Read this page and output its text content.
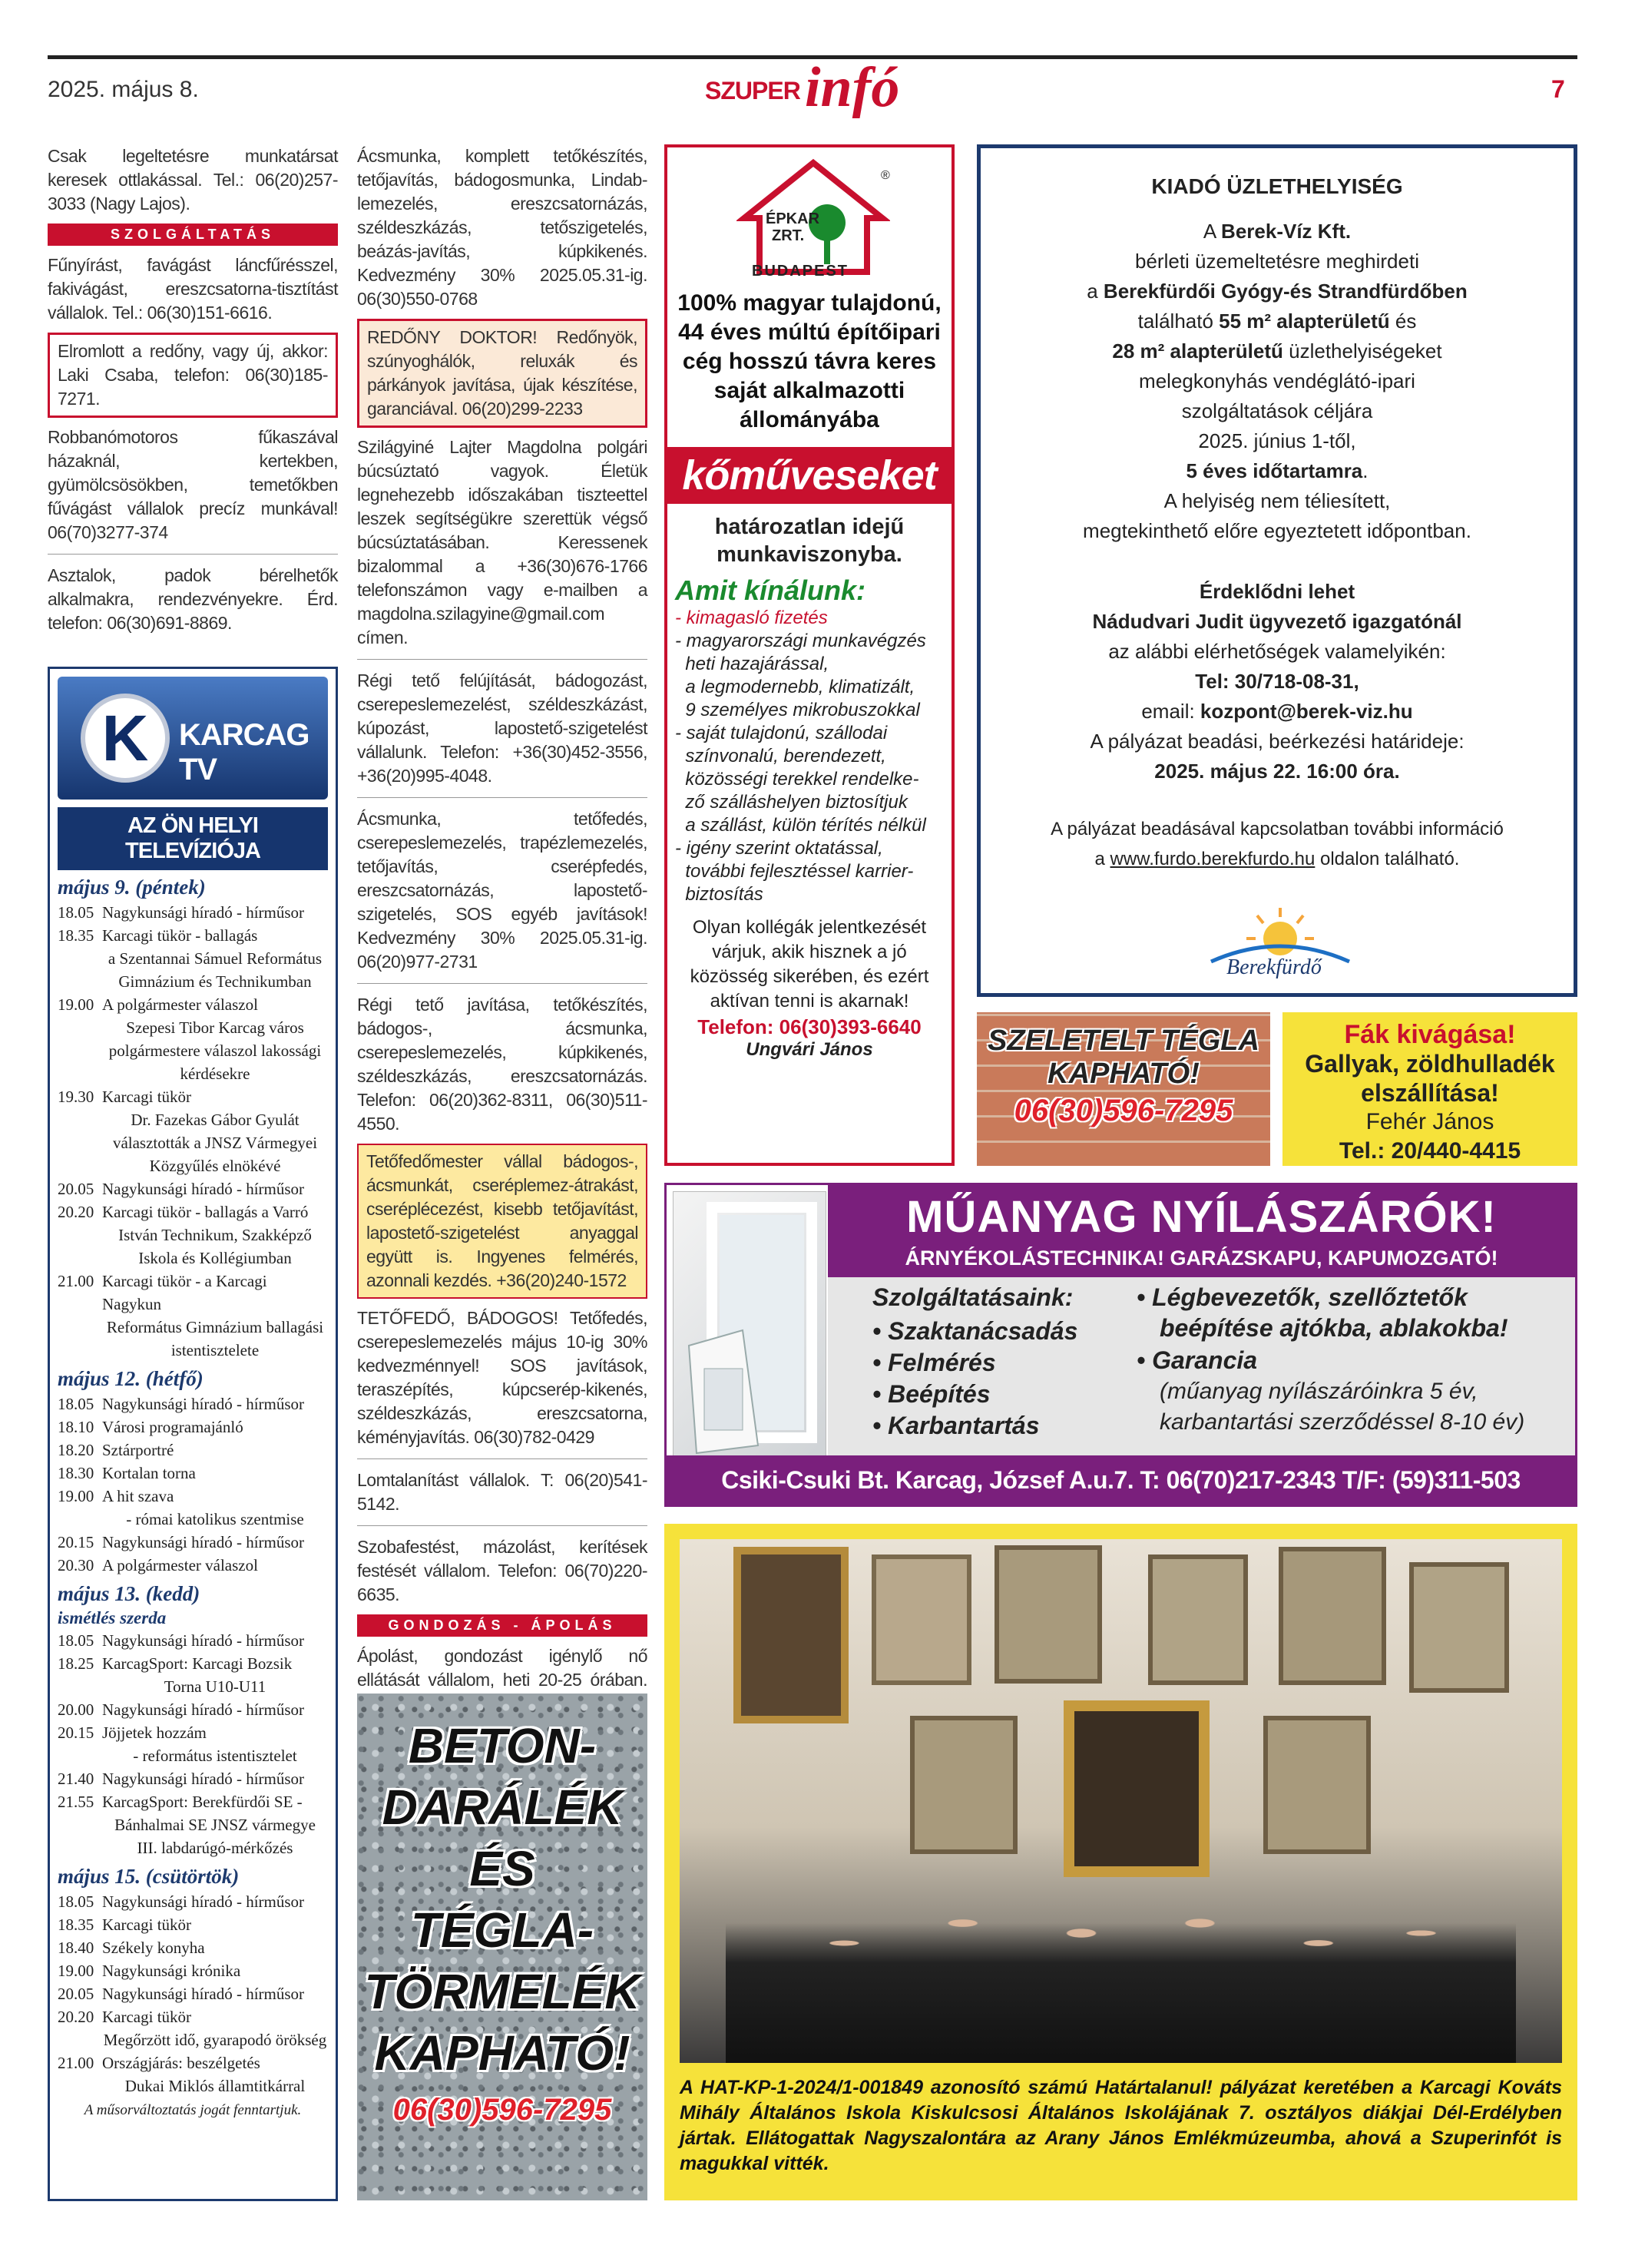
2025. május 8.	SZUPER infó	7

Csak legeltetésre munkatársat keresek ottlakással. Tel.: 06(20)257-3033 (Nagy Lajos).

SZOLGÁLTATÁS

Fűnyírást, favágást láncfűrésszel, fakivágást, ereszcsatorna-tisztítást vállalok. Tel.: 06(30)151-6616.

Elromlott a redőny, vagy új, akkor: Laki Csaba, telefon: 06(30)185-7271.

Robbanómotoros fűkaszával házaknál, kertekben, gyümölcsösökben, temetőkben fűvágást vállalok precíz munkával! 06(70)3277-374

Asztalok, padok bérelhetők alkalmakra, rendezvényekre. Érd. telefon: 06(30)691-8869.

K KARCAG TV
AZ ÖN HELYI TELEVÍZIÓJA
május 9. (péntek)
18.05 Nagykunsági híradó - hírműsor
18.35 Karcagi tükör - ballagás
a Szentannai Sámuel Református
Gimnázium és Technikumban
19.00 A polgármester válaszol
Szepesi Tibor Karcag város
polgármestere válaszol lakossági
kérdésekre
19.30 Karcagi tükör
Dr. Fazekas Gábor Gyulát
választották a JNSZ Vármegyei
Közgyűlés elnökévé
20.05 Nagykunsági híradó - hírműsor
20.20 Karcagi tükör - ballagás a Varró
István Technikum, Szakképző
Iskola és Kollégiumban
21.00 Karcagi tükör - a Karcagi Nagykun
Református Gimnázium ballagási
istentisztelete
május 12. (hétfő)
18.05 Nagykunsági híradó - hírműsor
18.10 Városi programajánló
18.20 Sztárportré
18.30 Kortalan torna
19.00 A hit szava
- római katolikus szentmise
20.15 Nagykunsági híradó - hírműsor
20.30 A polgármester válaszol
május 13. (kedd)
ismétlés szerda
18.05 Nagykunsági híradó - hírműsor
18.25 KarcagSport: Karcagi Bozsik
Torna U10-U11
20.00 Nagykunsági híradó - hírműsor
20.15 Jöjjetek hozzám
- református istentisztelet
21.40 Nagykunsági híradó - hírműsor
21.55 KarcagSport: Berekfürdői SE -
Bánhalmai SE JNSZ vármegye
III. labdarúgó-mérkőzés
május 15. (csütörtök)
18.05 Nagykunsági híradó - hírműsor
18.35 Karcagi tükör
18.40 Székely konyha
19.00 Nagykunsági krónika
20.05 Nagykunsági híradó - hírműsor
20.20 Karcagi tükör
Megőrzött idő, gyarapodó örökség
21.00 Országjárás: beszélgetés
Dukai Miklós államtitkárral
A műsorváltoztatás jogát fenntartjuk.

Ácsmunka, komplett tetőkészítés, tetőjavítás, bádogosmunka, Lindab-lemezelés, ereszcsatornázás, széldeszkázás, tetőszigetelés, beázás-javítás, kúpkikenés. Kedvezmény 30% 2025.05.31-ig. 06(30)550-0768

REDŐNY DOKTOR! Redőnyök, szúnyoghálók, reluxák és párkányok javítása, újak készítése, garanciával. 06(20)299-2233

Szilágyiné Lajter Magdolna polgári búcsúztató vagyok. Életük legnehezebb időszakában tiszteettel leszek segítségükre szerettük végső búcsúztatásában. Keressenek bizalommal a +36(30)676-1766 telefonszámon vagy e-mailben a magdolna.szilagyine@gmail.com címen.

Régi tető felújítását, bádogozást, cserepeslemezelést, széldeszkázást, kúpozást, lapostető-szigetelést vállalunk. Telefon: +36(30)452-3556, +36(20)995-4048.

Ácsmunka, tetőfedés, cserepeslemezelés, trapézlemezelés, tetőjavítás, cserépfedés, ereszcsatornázás, lapostető-szigetelés, SOS egyéb javítások! Kedvezmény 30% 2025.05.31-ig. 06(20)977-2731

Régi tető javítása, tetőkészítés, bádogos-, ácsmunka, cserepeslemezelés, kúpkikenés, széldeszkázás, ereszcsatornázás. Telefon: 06(20)362-8311, 06(30)511-4550.

Tetőfedőmester vállal bádogos-, ácsmunkát, cseréplemez-átrakást, cseréplécezést, kisebb tetőjavítást, lapostető-szigetelést anyaggal együtt is. Ingyenes felmérés, azonnali kezdés. +36(20)240-1572

TETŐFEDŐ, BÁDOGOS! Tetőfedés, cserepeslemezelés május 10-ig 30% kedvezménnyel! SOS javítások, teraszépítés, kúpcserép-kikenés, széldeszkázás, ereszcsatorna, kéményjavítás. 06(30)782-0429

Lomtalanítást vállalok. T: 06(20)541-5142.

Szobafestést, mázolást, kerítések festését vállalom. Telefon: 06(70)220-6635.

GONDOZÁS - ÁPOLÁS

Ápolást, gondozást igénylő nő ellátását vállalom, heti 20-25 órában.

BETON-
DARÁLÉK
ÉS
TÉGLA-
TÖRMELÉK
KAPHATÓ!
06(30)596-7295
ÉPKAR
ZRT.
BUDAPEST
®
100% magyar tulajdonú,
44 éves múltú építőipari
cég hosszú távra keres
saját alkalmazotti
állományába
kőműveseket
határozatlan idejű
munkaviszonyba.
Amit kínálunk:
- kimagasló fizetés
- magyarországi munkavégzés
heti hazajárással,
a legmodernebb, klimatizált,
9 személyes mikrobuszokkal
- saját tulajdonú, szállodai
színvonalú, berendezett,
közösségi terekkel rendelke-
ző szálláshelyen biztosítjuk
a szállást, külön térítés nélkül
- igény szerint oktatással,
további fejlesztéssel karrier-
biztosítás
Olyan kollégák jelentkezését
várjuk, akik hisznek a jó
közösség sikerében, és ezért
aktívan tenni is akarnak!
Telefon: 06(30)393-6640
Ungvári János
KIADÓ ÜZLETHELYISÉG
A Berek-Víz Kft.
bérleti üzemeltetésre meghirdeti
a Berekfürdői Gyógy-és Strandfürdőben
található 55 m² alapterületű és
28 m² alapterületű üzlethelyiségeket
melegkonyhás vendéglátó-ipari
szolgáltatások céljára
2025. június 1-től,
5 éves időtartamra.
A helyiség nem téliesített,
megtekinthető előre egyeztetett időpontban.
Érdeklődni lehet
Nádudvari Judit ügyvezető igazgatónál
az alábbi elérhetőségek valamelyikén:
Tel: 30/718-08-31,
email: kozpont@berek-viz.hu
A pályázat beadási, beérkezési határideje:
2025. május 22. 16:00 óra.
A pályázat beadásával kapcsolatban további információ
a www.furdo.berekfurdo.hu oldalon található.
Berekfürdő
SZELETELT TÉGLA
KAPHATÓ!
06(30)596-7295
Fák kivágása!
Gallyak, zöldhulladék
elszállítása!
Fehér János
Tel.: 20/440-4415
MŰANYAG NYÍLÁSZÁRÓK!
ÁRNYÉKOLÁSTECHNIKA! GARÁZSKAPU, KAPUMOZGATÓ!
Szolgáltatásaink:
• Szaktanácsadás
• Felmérés
• Beépítés
• Karbantartás
• Légbevezetők, szellőztetők
beépítése ajtókba, ablakokba!
• Garancia
(műanyag nyílászáróinkra 5 év,
karbantartási szerződéssel 8-10 év)
Csiki-Csuki Bt. Karcag, József A.u.7. T: 06(70)217-2343 T/F: (59)311-503
A HAT-KP-1-2024/1-001849 azonosító számú Határtalanul! pályázat keretében a Karcagi Kováts Mihály Általános Iskola Kiskulcsosi Általános Iskolájának 7. osztályos diákjai Dél-Erdélyben jártak. Ellátogattak Nagyszalontára az Arany János Emlékmúzeumba, ahová a Szuperinfót is magukkal vitték.
